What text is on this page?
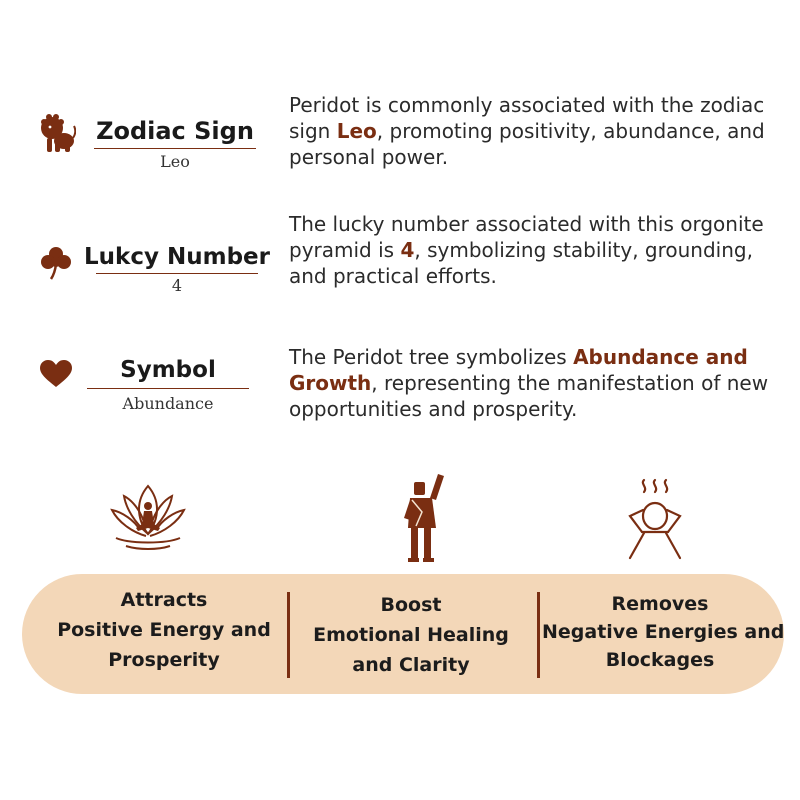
Zodiac Sign
Leo
Peridot is commonly associated with the zodiac sign Leo, promoting positivity, abundance, and personal power.
Lukcy Number
4
The lucky number associated with this orgonite pyramid is 4, symbolizing stability, grounding, and practical efforts.
Symbol
Abundance
The Peridot tree symbolizes Abundance and Growth, representing the manifestation of new opportunities and prosperity.
Attracts
Positive Energy and
Prosperity
Boost
Emotional Healing
and Clarity
Removes
Negative Energies and
Blockages
